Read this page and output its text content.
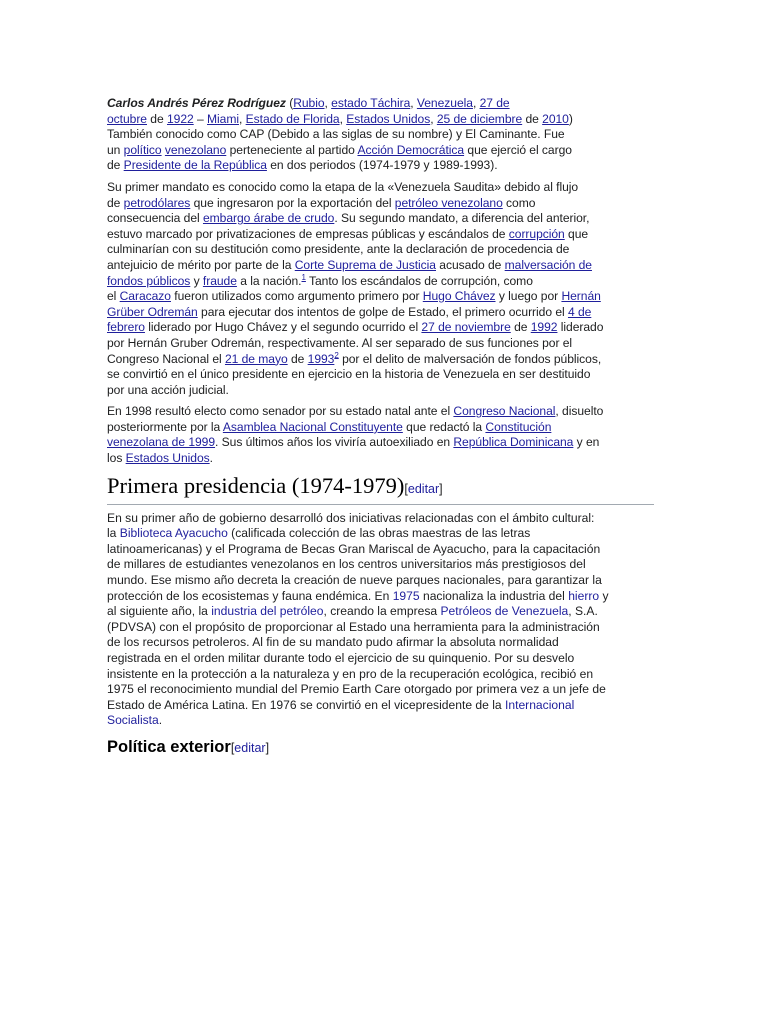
Carlos Andrés Pérez Rodríguez (Rubio, estado Táchira, Venezuela, 27 de
octubre de 1922 – Miami, Estado de Florida, Estados Unidos, 25 de diciembre de 2010)
También conocido como CAP (Debido a las siglas de su nombre) y El Caminante. Fue
un político venezolano perteneciente al partido Acción Democrática que ejerció el cargo
de Presidente de la República en dos periodos (1974-1979 y 1989-1993).

Su primer mandato es conocido como la etapa de la «Venezuela Saudita» debido al flujo
de petrodólares que ingresaron por la exportación del petróleo venezolano como
consecuencia del embargo árabe de crudo. Su segundo mandato, a diferencia del anterior,
estuvo marcado por privatizaciones de empresas públicas y escándalos de corrupción que
culminarían con su destitución como presidente, ante la declaración de procedencia de
antejuicio de mérito por parte de la Corte Suprema de Justicia acusado de malversación de
fondos públicos y fraude a la nación.$^1$ Tanto los escándalos de corrupción, como
el Caracazo fueron utilizados como argumento primero por Hugo Chávez y luego por Hernán
Grüber Odremán para ejecutar dos intentos de golpe de Estado, el primero ocurrido el 4 de
febrero liderado por Hugo Chávez y el segundo ocurrido el 27 de noviembre de 1992 liderado
por Hernán Gruber Odremán, respectivamente. Al ser separado de sus funciones por el
Congreso Nacional el 21 de mayo de 1993$^2$ por el delito de malversación de fondos públicos,
se convirtió en el único presidente en ejercicio en la historia de Venezuela en ser destituido
por una acción judicial.

En 1998 resultó electo como senador por su estado natal ante el Congreso Nacional, disuelto
posteriormente por la Asamblea Nacional Constituyente que redactó la Constitución
venezolana de 1999. Sus últimos años los viviría autoexiliado en República Dominicana y en
los Estados Unidos.

Primera presidencia (1974-1979)[editar]

En su primer año de gobierno desarrolló dos iniciativas relacionadas con el ámbito cultural:
la Biblioteca Ayacucho (calificada colección de las obras maestras de las letras
latinoamericanas) y el Programa de Becas Gran Mariscal de Ayacucho, para la capacitación
de millares de estudiantes venezolanos en los centros universitarios más prestigiosos del
mundo. Ese mismo año decreta la creación de nueve parques nacionales, para garantizar la
protección de los ecosistemas y fauna endémica. En 1975 nacionaliza la industria del hierro y
al siguiente año, la industria del petróleo, creando la empresa Petróleos de Venezuela, S.A.
(PDVSA) con el propósito de proporcionar al Estado una herramienta para la administración
de los recursos petroleros. Al fin de su mandato pudo afirmar la absoluta normalidad
registrada en el orden militar durante todo el ejercicio de su quinquenio. Por su desvelo
insistente en la protección a la naturaleza y en pro de la recuperación ecológica, recibió en
1975 el reconocimiento mundial del Premio Earth Care otorgado por primera vez a un jefe de
Estado de América Latina. En 1976 se convirtió en el vicepresidente de la Internacional
Socialista.

Política exterior[editar]
